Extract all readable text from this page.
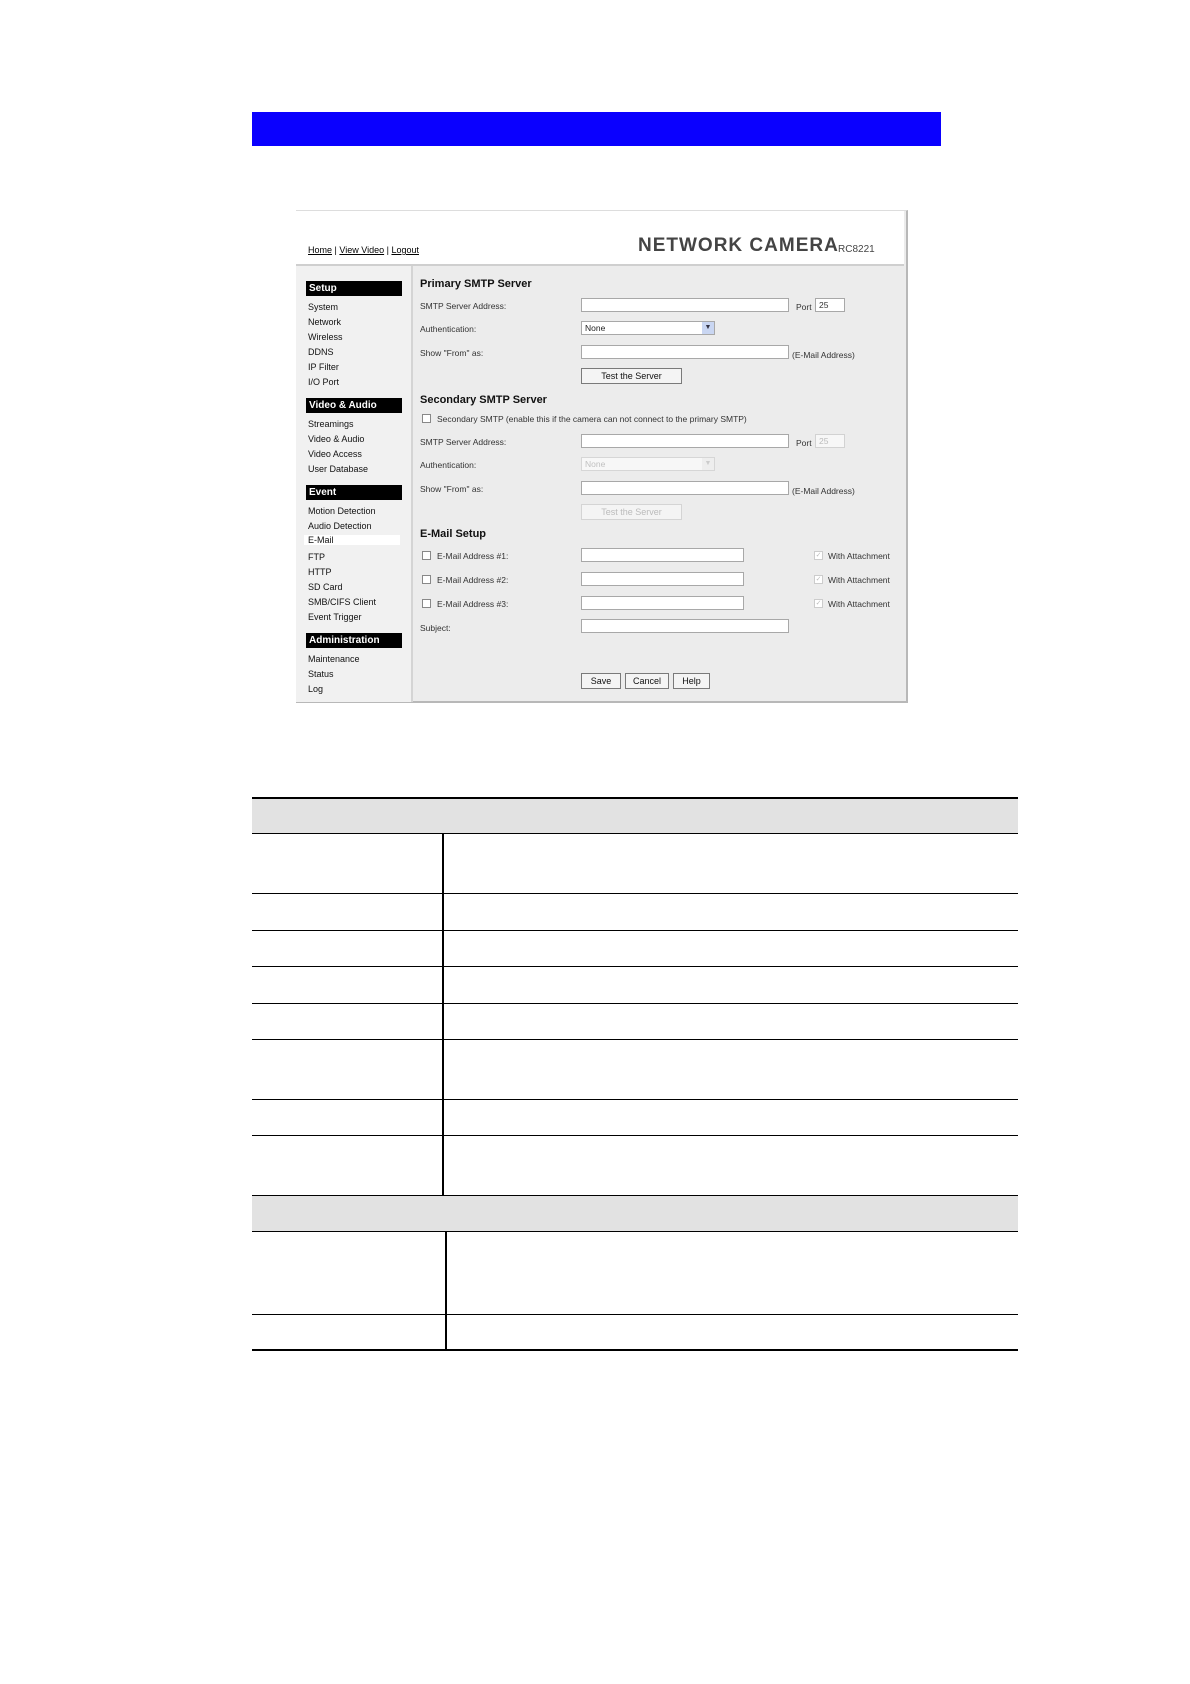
Home | View Video | Logout	NETWORK CAMERA RC8221
Setup
System
Network
Wireless
DDNS
IP Filter
I/O Port
Video & Audio
Streamings
Video & Audio
Video Access
User Database
Event
Motion Detection
Audio Detection
E-Mail
FTP
HTTP
SD Card
SMB/CIFS Client
Event Trigger
Administration
Maintenance
Status
Log
Primary SMTP Server
SMTP Server Address:	Port 25
Authentication:	None	▼
Show "From" as:	(E-Mail Address)
Test the Server
Secondary SMTP Server
Secondary SMTP (enable this if the camera can not connect to the primary SMTP)
SMTP Server Address:	Port 25
Authentication:	None	▼
Show "From" as:	(E-Mail Address)
Test the Server
E-Mail Setup
E-Mail Address #1:	✓ With Attachment
E-Mail Address #2:	✓ With Attachment
E-Mail Address #3:	✓ With Attachment
Subject:
Save	Cancel	Help
